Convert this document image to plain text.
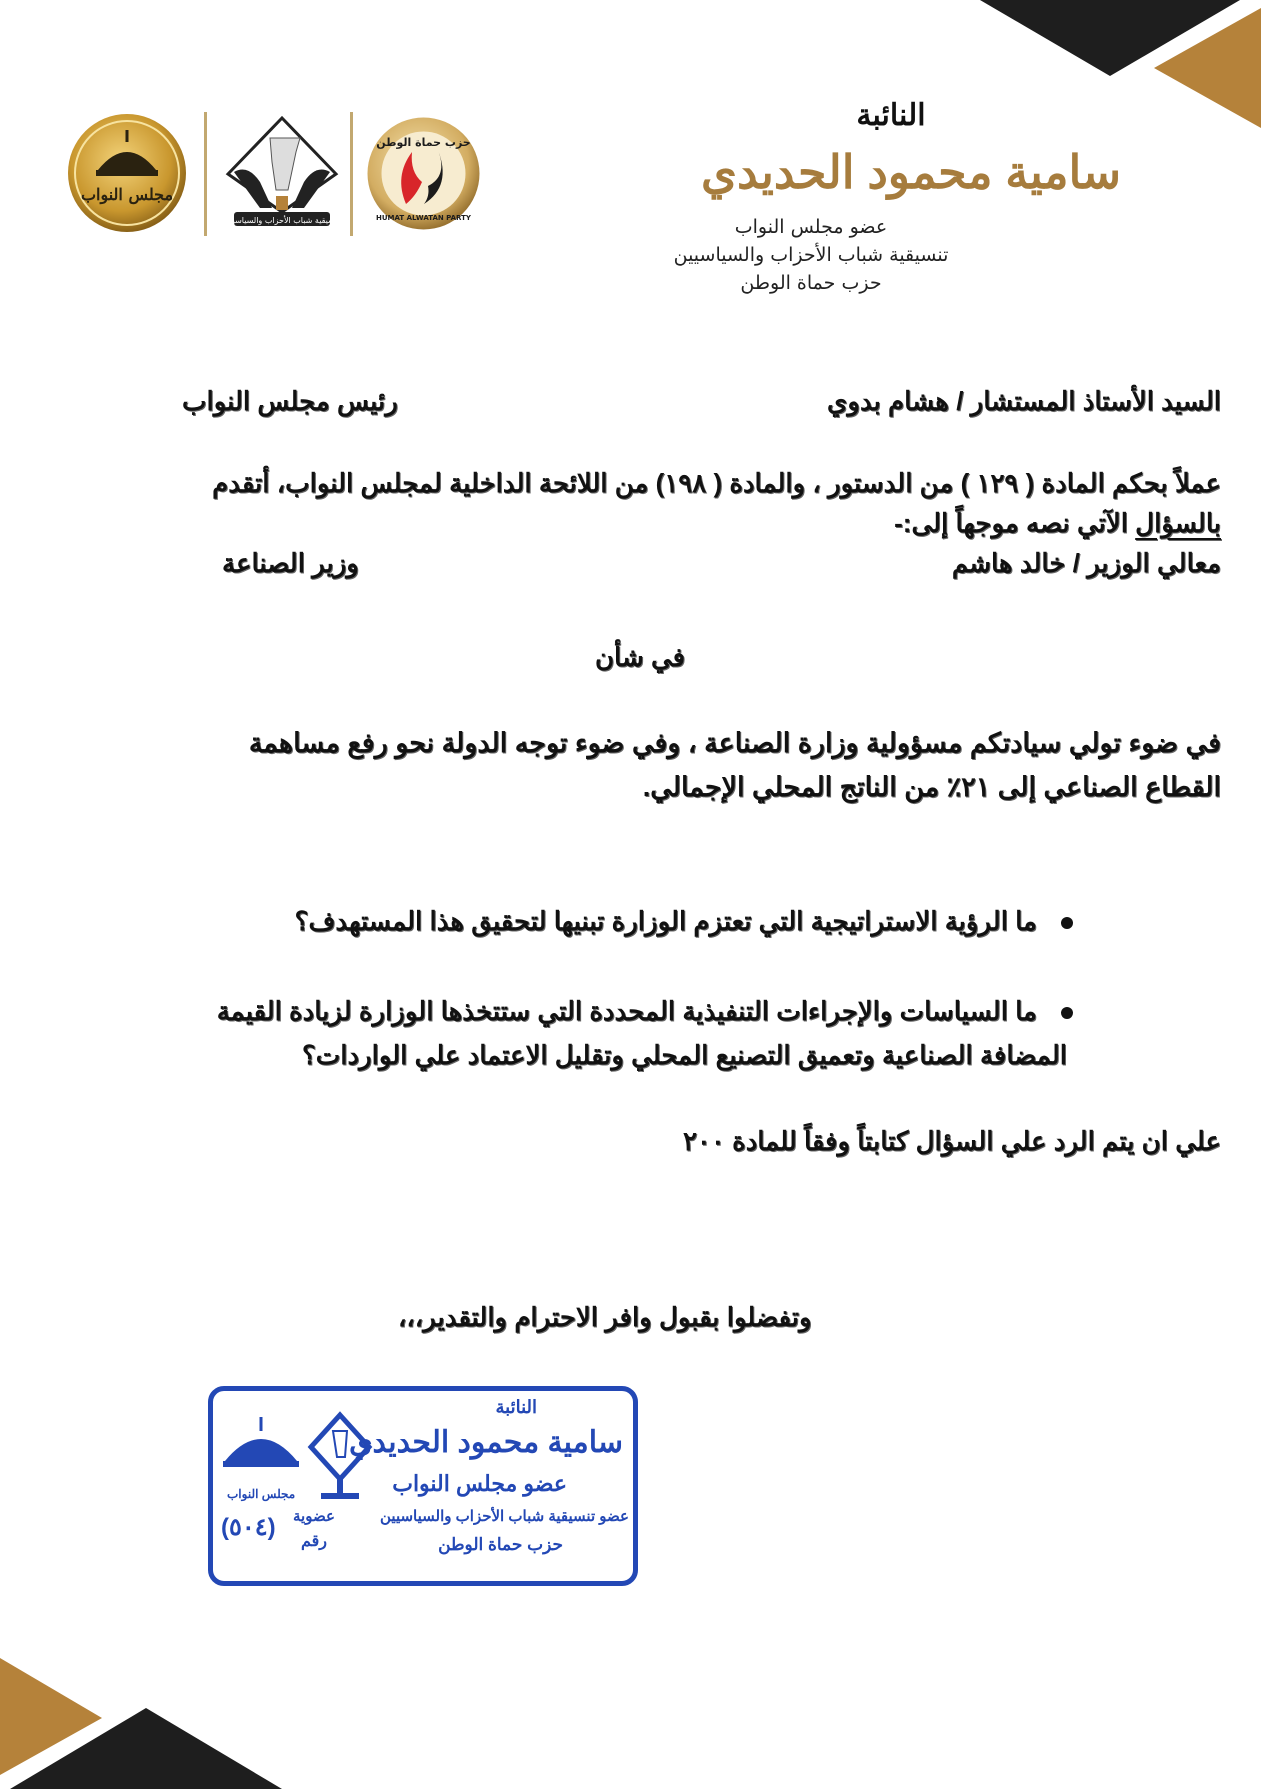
النائبة
سامية محمود الحديدي
عضو مجلس النواب
تنسيقية شباب الأحزاب والسياسيين
حزب حماة الوطن
مجلس النواب
تنسيقية شباب الأحزاب والسياسيين
حزب حماة الوطن
HUMAT ALWATAN PARTY
السيد الأستاذ المستشار / هشام بدوي
رئيس مجلس النواب
عملاً بحكم المادة ( ١٢٩ ) من الدستور ، والمادة ( ١٩٨) من اللائحة الداخلية لمجلس النواب، أتقدم
بالسؤال الآتي نصه موجهاً إلى:-
معالي الوزير / خالد هاشم
وزير الصناعة
في شأن
في ضوء تولي سيادتكم مسؤولية وزارة الصناعة ، وفي ضوء توجه الدولة نحو رفع مساهمة
القطاع الصناعي إلى ٢١٪ من الناتج المحلي الإجمالي.
ما الرؤية الاستراتيجية التي تعتزم الوزارة تبنيها لتحقيق هذا المستهدف؟
ما السياسات والإجراءات التنفيذية المحددة التي ستتخذها الوزارة لزيادة القيمة
المضافة الصناعية وتعميق التصنيع المحلي وتقليل الاعتماد علي الواردات؟
علي ان يتم الرد علي السؤال كتابتاً وفقاً للمادة ٢٠٠
وتفضلوا بقبول وافر الاحترام والتقدير،،،
مجلس النواب
النائبة
سامية محمود الحديدي
عضو مجلس النواب
عضو تنسيقية شباب الأحزاب والسياسيين
حزب حماة الوطن
عضوية
رقم
(٥٠٤)
